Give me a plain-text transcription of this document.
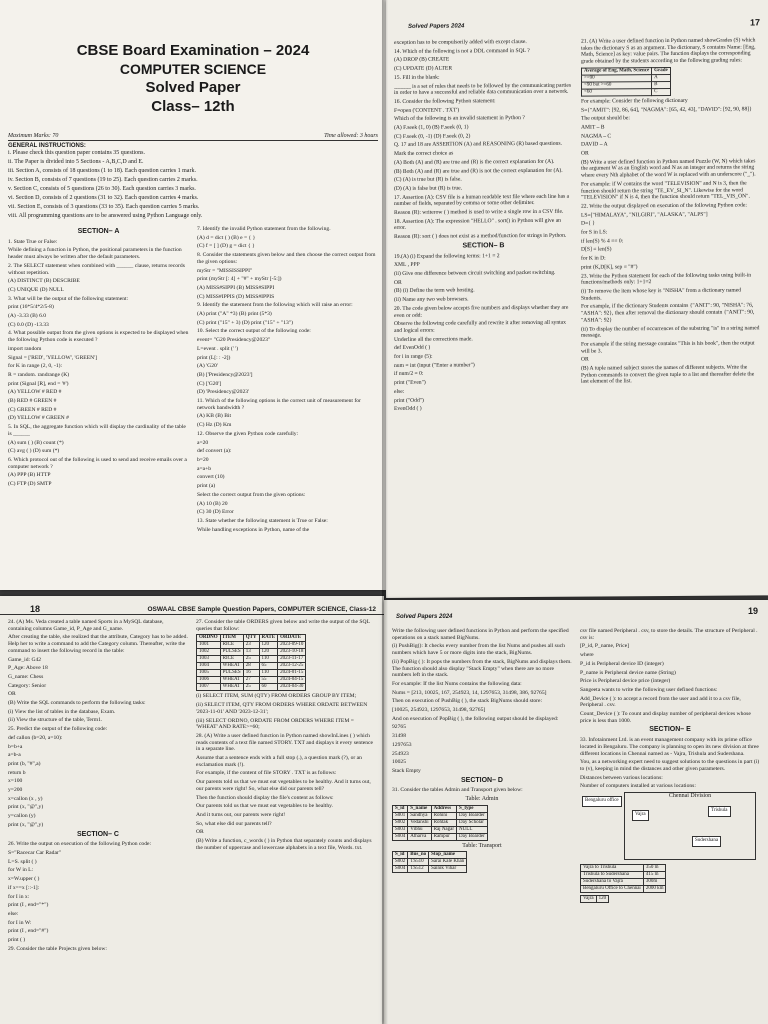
CBSE Board Examination – 2024
COMPUTER SCIENCE
Solved Paper
Class– 12th
Maximum Marks: 70	Time allowed: 3 hours
GENERAL INSTRUCTIONS:
i. Please check this question paper contains 35 questions.
ii. The Paper is divided into 5 Sections - A,B,C,D and E.
iii. Section A, consists of 18 questions (1 to 18). Each question carries 1 mark.
iv. Section B, consists of 7 questions (19 to 25). Each question carries 2 marks.
v. Section C, consists of 5 questions (26 to 30). Each question carries 3 marks.
vi. Section D, consists of 2 questions (31 to 32). Each question carries 4 marks.
vii. Section E, consists of 3 questions (33 to 35). Each question carries 5 marks.
viii. All programming questions are to be answered using Python Language only.
SECTION– A
1. State True or False:
While defining a function in Python, the positional parameters in the function header must always be written after the default parameters.
2. The SELECT statement when combined with ______ clause, returns records without repetition.
(A) DISTINCT (B) DESCRIBE
(C) UNIQUE (D) NULL
3. What will be the output of the following statement:
print (16*5/4*2/5-8)
(A) -3.33 (B) 6.0
(C) 0.0 (D) -13.33
4. What possible output from the given options is expected to be displayed when the following Python code is executed ?
import random
Signal = ['RED', 'YELLOW', 'GREEN']
for K in range (2, 0, -1):
R = random. randrange (K)
print (Signal [R], end = '#')
(A) YELLOW # RED #
(B) RED # GREEN #
(C) GREEN # RED #
(D) YELLOW # GREEN #
5. In SQL, the aggregate function which will display the cardinality of the table is ______
(A) sum ( ) (B) count (*)
(C) avg ( ) (D) sum (*)
6. Which protocol out of the following is used to send and receive emails over a computer network ?
(A) PPP (B) HTTP
(C) FTP (D) SMTP
7. Identify the invalid Python statement from the following.
(A) d = dict ( ) (B) e = { }
(C) f = [ ] (D) g = dict { }
8. Consider the statements given below and then choose the correct output from the given options:
myStr = "MISSISSIPPI"
print (myStr [: 4] + "#" + myStr [-5:])
(A) MISS#SIPPI (B) MISS#SIPPI
(C) MISS#IPPIS (D) MISS#IPPIS
9. Identify the statement from the following which will raise an error:
(A) print ("A" *3) (B) print (5*3)
(C) print ("15" + 3) (D) print ("15" + "13")
10. Select the correct output of the following code:
event= "G20 Presidency@2023"
L=event . split (' ')
print (L[: : -2])
(A) 'G20'
(B) ['Presidency@2023']
(C) ['G20']
(D) 'Presidency@2023'
11. Which of the following options is the correct unit of measurement for network bandwidth ?
(A) KB (B) Bit
(C) Hz (D) Km
12. Observe the given Python code carefully:
a=20
def convert (a):
b=20
a=a+b
convert (10)
print (a)
Select the correct output from the given options:
(A) 10 (B) 20
(C) 30 (D) Error
13. State whether the following statement is True or False:
While handling exceptions in Python, name of the
Solved Papers 2024	17
exception has to be compulsorily added with except clause.
14. Which of the following is not a DDL command in SQL ?
(A) DROP (B) CREATE
(C) UPDATE (D) ALTER
15. Fill in the blank:
______ is a set of rules that needs to be followed by the communicating parties in order to have a successful and reliable data communication over a network.
16. Consider the following Python statement:
F=open ('CONTENT . TXT')
Which of the following is an invalid statement in Python ?
(A) F.seek (1, 0) (B) F.seek (0, 1)
(C) F.seek (0, -1) (D) F.seek (0, 2)
Q. 17 and 18 are ASSERTION (A) and REASONING (R) based questions.
Mark the correct choice as
(A) Both (A) and (R) are true and (R) is the correct explanation for (A).
(B) Both (A) and (R) are true and (R) is not the correct explanation for (A).
(C) (A) is true but (R) is false.
(D) (A) is false but (R) is true.
17. Assertion (A): CSV file is a human readable text file where each line has a number of fields, separated by comma or some other delimiter.
Reason (R): writerow ( ) method is used to write a single row in a CSV file.
18. Assertion (A): The expression "HELLO" . sort() in Python will give an error.
Reason (R): sort ( ) does not exist as a method/function for strings in Python.
SECTION– B
19.(A) (i) Expand the following terms: 1+1 = 2
XML , PPP
(ii) Give one difference between circuit switching and packet switching.
OR
(B) (i) Define the term web hosting.
(ii) Name any two web browsers.
20. The code given below accepts five numbers and displays whether they are even or odd:
Observe the following code carefully and rewrite it after removing all syntax and logical errors:
Underline all the corrections made.
def EvenOdd ( )
for i in range (5):
num = int (input ("Enter a number")
if num/2 = 0:
print ("Even")
else:
print ("Odd")
EvenOdd ( )
21. (A) Write a user defined function in Python named showGrades (S) which takes the dictionary S as an argument. The dictionary, S contains Name: [Eng, Math, Science] as key: value pairs. The function displays the corresponding grade obtained by the students according to the following grading rules:
Average of Eng, Math, Science	Grade
>=90	A
<90 but >=60	B
<60	C
For example: Consider the following dictionary
S={"AMIT": [92, 86, 64], "NAGMA": [65, 42, 43], "DAVID": [92, 90, 88]}
The output should be:
AMIT – B
NAGMA – C
DAVID – A
OR
(B) Write a user defined function in Python named Puzzle (W, N) which takes the argument W as an English word and N as an integer and returns the string where every Nth alphabet of the word W is replaced with an underscore ("_").
For example: if W contains the word "TELEVISION" and N is 3, then the function should return the string "TE_EV_SI_N". Likewise for the word "TELEVISION" if N is 4, then the function should return "TEL_VIS_ON".
22. Write the output displayed on execution of the following Python code:
LS=["HIMALAYA", "NILGIRI", "ALASKA", "ALPS"]
D={ }
for S in LS:
if len(S) % 4 == 0:
D[S] = len(S)
for K in D:
print (K,D[K], sep = "#")
23. Write the Python statement for each of the following tasks using built-in functions/methods only: 1+1=2
(i) To remove the item whose key is "NISHA" from a dictionary named Students.
For example, if the dictionary Students contains {"ANIT": 90, "NISHA": 76, "ASHA": 92}, then after removal the dictionary should contain {"ANIT": 90, "ASHA": 92}
(ii) To display the number of occurrences of the substring "is" in a string named message.
For example if the string message contains "This is his book", then the output will be 3.
OR
(B) A tuple named subject stores the names of different subjects. Write the Python commands to convert the given tuple to a list and thereafter delete the last element of the list.
18	OSWAAL CBSE Sample Question Papers, COMPUTER SCIENCE, Class-12
24. (A) Ms. Veda created a table named Sports in a MySQL database, containing columns Game_id, P_Age and G_name.
After creating the table, she realized that the attribute, Category has to be added. Help her to write a command to add the Category column. Thereafter, write the command to insert the following record in the table:
Game_id: G42
P_Age: Above 18
G_name: Chess
Category: Senior
OR
(B) Write the SQL commands to perform the following tasks:
(i) View the list of tables in the database, Exam.
(ii) View the structure of the table, Term1.
25. Predict the output of the following code:
def callon (b=20, a=10):
b=b+a
a=b-a
print (b, "#",a)
return b
x=100
y=200
x=callon (x , y)
print (x, "@",y)
y=callon (y)
print (x, "@",y)
SECTION– C
26. Write the output on execution of the following Python code:
S="Racecar Car Radar"
L=S. split ( )
for W in L:
x=W.upper ( )
if x==x [::-1]:
for I in x:
print (I , end="*")
else:
for I in W:
print (I , end="#")
print ( )
29. Consider the table Projects given below:
27. Consider the table ORDERS given below and write the output of the SQL queries that follow:
ORDNO	ITEM	QTY	RATE	ORDATE
1001	RICE	23	120	2023-09-10
1002	PULSES	13	120	2023-10-18
1003	RICE	25	110	2023-11-17
1004	WHEAT	28	65	2023-12-25
1005	PULSES	16	110	2024-01-15
1006	WHEAT	27	55	2024-04-15
1007	WHEAT	25	60	2024-04-30
(i) SELECT ITEM, SUM (QTY) FROM ORDERS GROUP BY ITEM;
(ii) SELECT ITEM, QTY FROM ORDERS WHERE ORDATE BETWEEN '2023-11-01' AND '2023-12-31';
(iii) SELECT ORDNO, ORDATE FROM ORDERS WHERE ITEM = 'WHEAT' AND RATE>=60;
28. (A) Write a user defined function in Python named showInLines ( ) which reads contents of a text file named STORY. TXT and displays it every sentence in a separate line.
Assume that a sentence ends with a full stop (.), a question mark (?), or an exclamation mark (!).
For example, if the content of file STORY . TXT is as follows:
Our parents told us that we must eat vegetables to be healthy. And it turns out, our parents were right! So, what else did our parents tell?
Then the function should display the file's content as follows:
Our parents told us that we must eat vegetables to be healthy.
And it turns out, our parents were right!
So, what else did our parents tell?
OR
(B) Write a function, c_words ( ) in Python that separately counts and displays the number of uppercase and lowercase alphabets in a text file, Words. txt.
Solved Papers 2024
19
Write the following user defined functions in Python and perform the specified operations on a stack named BigNums.
(i) PushBig(): It checks every number from the list Nums and pushes all such numbers which have 5 or more digits into the stack, BigNums.
(ii) PopBig ( ): It pops the numbers from the stack, BigNums and displays them. The function should also display "Stack Empty" when there are no more numbers left in the stack.
For example: If the list Nums contains the following data:
Nums = [213, 10025, 167, 254923, 14, 1297653, 31498, 386, 92765]
Then on execution of PushBig ( ), the stack BigNums should store:
[10025, 254923, 1297653, 31498, 92765]
And on execution of PopBig ( ), the following output should be displayed:
92765
31498
1297653
254923
10025
Stack Empty
SECTION– D
31. Consider the tables Admin and Transport given below:
Table: Admin
S_id	S_name	Address	S_type
S001	Sandhya	Rohini	Day Boarder
S002	Vedanshi	Rohtak	Day Scholar
S003	Vibhu	Raj Nagar	NULL
S004	Atharva	Rampur	Day Boarder
Table: Transport
S_id	Bus_no	Stop_name
S002	TS510	Sarai Kale Khan
S004	TS512	Sainik Vihar
csv file named Peripheral . csv, to store the details. The structure of Peripheral . csv is:
[P_id, P_name, Price]
where
P_id is Peripheral device ID (integer)
P_name is Peripheral device name (String)
Price is Peripheral device price (integer)
Sangeeta wants to write the following user defined functions:
Add_Device ( ): to accept a record from the user and add it to a csv file, Peripheral . csv.
Count_Device ( ): To count and display number of peripheral devices whose price is less than 1000.
SECTION– E
33. Infotainment Ltd. is an event management company with its prime office located in Bengaluru. The company is planning to open its new division at three different locations in Chennai named as - Vajra, Trishula and Sudershana.
You, as a networking expert need to suggest solutions to the questions in part (i) to (v), keeping in mind the distances and other given parameters.
Distances between various locations:
Number of computers installed at various locations:
Bengaluru office
Chennai Division
Vajra
Trishula
Sudershana
Vajra to Trishula	350 m
Trishula to Sudershana	415 m
Sudershana to Vajra	300m
Bengaluru Office to Chennai	2000 km
Vajra	120
